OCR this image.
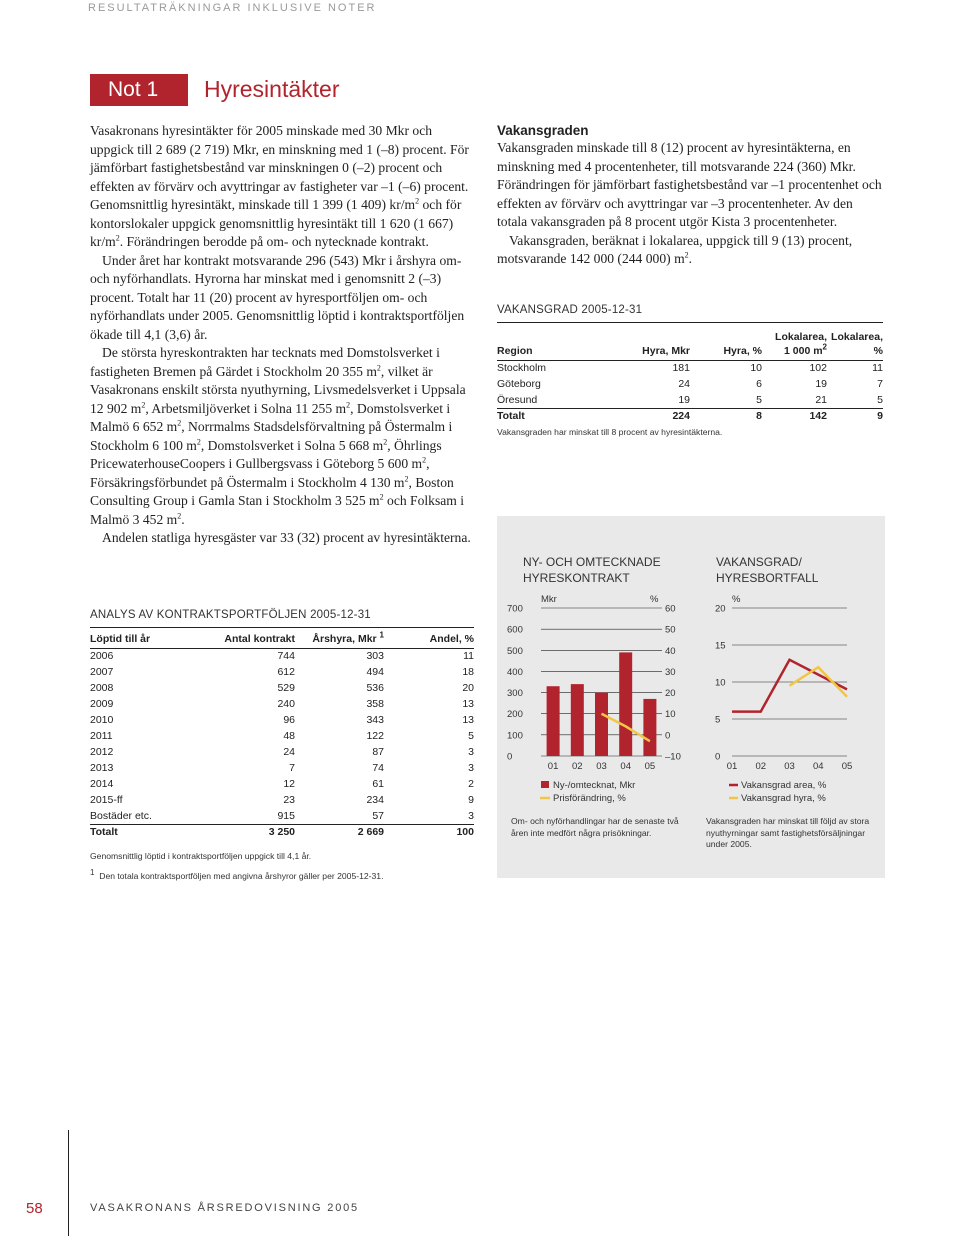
RESULTATRÄKNINGAR INKLUSIVE NOTER
Not 1	Hyresintäkter

Vasakronans hyresintäkter för 2005 minskade med 30 Mkr och uppgick till 2 689 (2 719) Mkr, en minskning med 1 (–8) procent. För jämförbart fastighetsbestånd var minskningen 0 (–2) procent och effekten av förvärv och avyttringar av fastigheter var –1 (–6) procent. Genomsnittlig hyresintäkt, minskade till 1 399 (1 409) $kr/m^2$ och för kontorslokaler uppgick genomsnittlig hyresintäkt till 1 620 (1 667) $kr/m^2$. Förändringen berodde på om- och nytecknade kontrakt.

Under året har kontrakt motsvarande 296 (543) Mkr i årshyra om- och nyförhandlats. Hyrorna har minskat med i genomsnitt 2 (–3) procent. Totalt har 11 (20) procent av hyresportföljen om- och nyförhandlats under 2005. Genomsnittlig löptid i kontraktsportföljen ökade till 4,1 (3,6) år.

De största hyreskontrakten har tecknats med Domstolsverket i fastigheten Bremen på Gärdet i Stockholm 20 355 $m^2$, vilket är Vasakronans enskilt största nyuthyrning, Livsmedelsverket i Uppsala 12 902 $m^2$, Arbetsmiljöverket i Solna 11 255 $m^2$, Domstolsverket i Malmö 6 652 $m^2$, Norrmalms Stadsdelsförvaltning på Östermalm i Stockholm 6 100 $m^2$, Domstolsverket i Solna 5 668 $m^2$, Öhrlings PricewaterhouseCoopers i Gullbergsvass i Göteborg 5 600 $m^2$, Försäkringsförbundet på Östermalm i Stockholm 4 130 $m^2$, Boston Consulting Group i Gamla Stan i Stockholm 3 525 $m^2$ och Folksam i Malmö 3 452 $m^2$.

Andelen statliga hyresgäster var 33 (32) procent av hyresintäkterna.

Vakansgraden

Vakansgraden minskade till 8 (12) procent av hyresintäkterna, en minskning med 4 procentenheter, till motsvarande 224 (360) Mkr. Förändringen för jämförbart fastighetsbestånd var –1 procentenhet och effekten av förvärv och avyttringar var –3 procentenheter. Av den totala vakansgraden på 8 procent utgör Kista 3 procentenheter.

Vakansgraden, beräknat i lokalarea, uppgick till 9 (13) procent, motsvarande 142 000 (244 000) $m^2$.

ANALYS AV KONTRAKTSPORTFÖLJEN 2005-12-31
Löptid till år	Antal kontrakt	Årshyra, Mkr $^1$	Andel, %
2006	744	303	11
2007	612	494	18
2008	529	536	20
2009	240	358	13
2010	96	343	13
2011	48	122	5
2012	24	87	3
2013	7	74	3
2014	12	61	2
2015-ff	23	234	9
Bostäder etc.	915	57	3
Totalt	3 250	2 669	100
Genomsnittlig löptid i kontraktsportföljen uppgick till 4,1 år.
$^1$ Den totala kontraktsportföljen med angivna årshyror gäller per 2005-12-31.
VAKANSGRAD 2005-12-31
			Lokalarea,	Lokalarea,
Region	Hyra, Mkr	Hyra, %	1 000 $m^2$	%
Stockholm	181	10	102	11
Göteborg	24	6	19	7
Öresund	19	5	21	5
Totalt	224	8	142	9
Vakansgraden har minskat till 8 procent av hyresintäkterna.
NY- OCH OMTECKNADE
HYRESKONTRAKT
VAKANSGRAD/
HYRESBORTFALL
Mkr	%
700
600
500
400
300
200
100
0
60
50
40
30
20
10
0
–10
01 02 03 04 05
Ny-/omtecknat, Mkr
Prisförändring, %
%
20
15
10
5
0
01 02 03 04 05
Vakansgrad area, %
Vakansgrad hyra, %
Om- och nyförhandlingar har de senaste två åren inte medfört några prisökningar.
Vakansgraden har minskat till följd av stora nyuthyrningar samt fastighetsförsäljningar under 2005.
58	VASAKRONANS ÅRSREDOVISNING 2005
